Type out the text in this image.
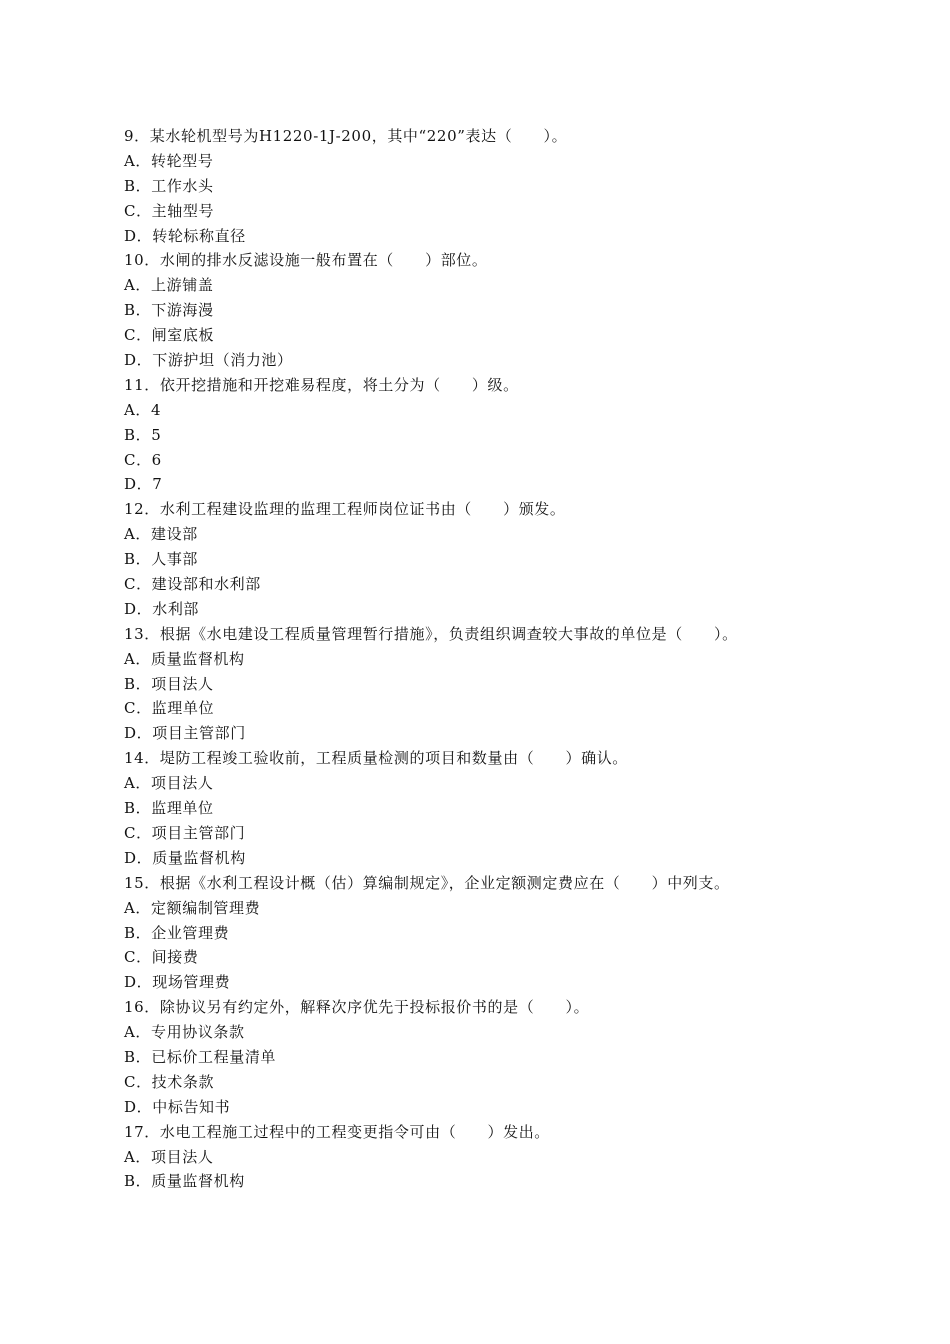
9．某水轮机型号为H1220-1J-200，其中“220”表达（　　）。
A．转轮型号
B．工作水头
C．主轴型号
D．转轮标称直径
10．水闸的排水反滤设施一般布置在（　　）部位。
A．上游铺盖
B．下游海漫
C．闸室底板
D．下游护坦（消力池）
11．依开挖措施和开挖难易程度，将土分为（　　）级。
A．4
B．5
C．6
D．7
12．水利工程建设监理的监理工程师岗位证书由（　　）颁发。
A．建设部
B．人事部
C．建设部和水利部
D．水利部
13．根据《水电建设工程质量管理暂行措施》，负责组织调查较大事故的单位是（　　）。
A．质量监督机构
B．项目法人
C．监理单位
D．项目主管部门
14．堤防工程竣工验收前，工程质量检测的项目和数量由（　　）确认。
A．项目法人
B．监理单位
C．项目主管部门
D．质量监督机构
15．根据《水利工程设计概（估）算编制规定》，企业定额测定费应在（　　）中列支。
A．定额编制管理费
B．企业管理费
C．间接费
D．现场管理费
16．除协议另有约定外，解释次序优先于投标报价书的是（　　）。
A．专用协议条款
B．已标价工程量清单
C．技术条款
D．中标告知书
17．水电工程施工过程中的工程变更指令可由（　　）发出。
A．项目法人
B．质量监督机构
